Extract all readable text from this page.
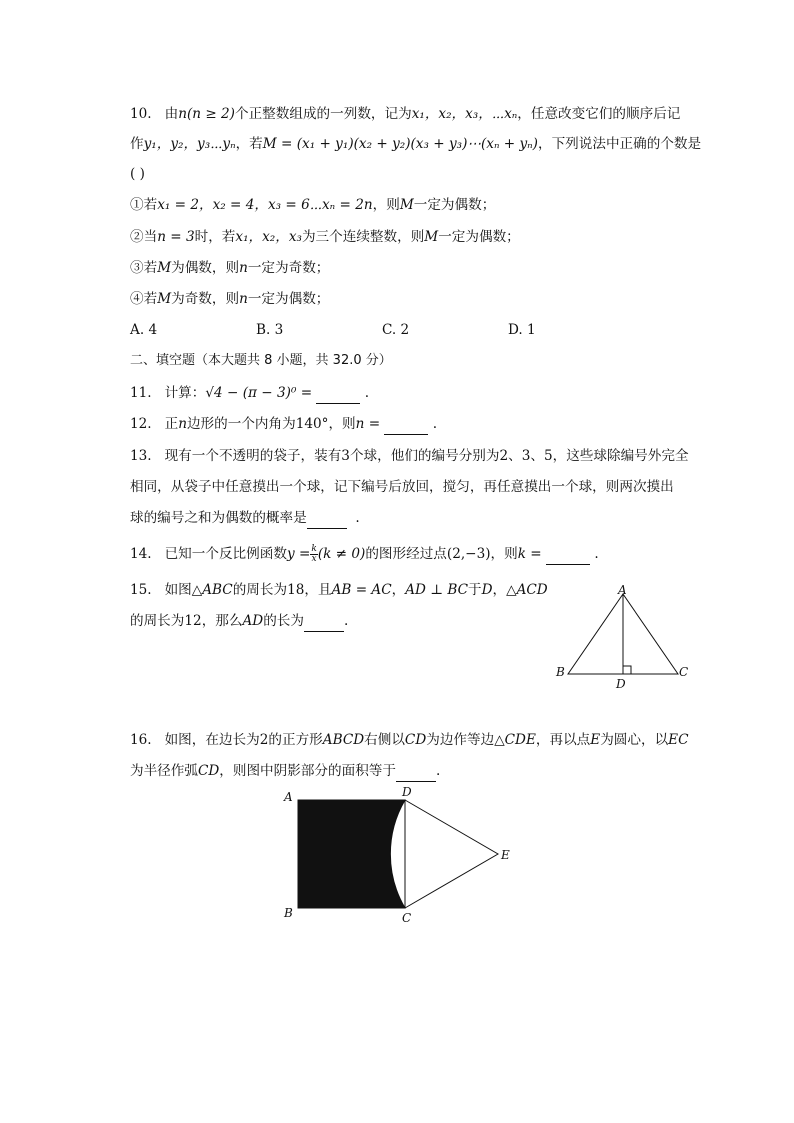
10. 由n(n ≥ 2)个正整数组成的一列数，记为x₁，x₂，x₃，⋯xₙ，任意改变它们的顺序后记
作y₁，y₂，y₃⋯yₙ，若M = (x₁ + y₁)(x₂ + y₂)(x₃ + y₃)⋯(xₙ + yₙ)，下列说法中正确的个数是
( )
①若x₁ = 2，x₂ = 4，x₃ = 6⋯xₙ = 2n，则M一定为偶数；
②当n = 3时，若x₁，x₂，x₃为三个连续整数，则M一定为偶数；
③若M为偶数，则n一定为奇数；
④若M为奇数，则n一定为偶数；
A. 4	B. 3	C. 2	D. 1
二、填空题（本大题共 8 小题，共 32.0 分）
11. 计算：√4 − (π − 3)⁰ =	.
12. 正n边形的一个内角为140°，则n =	.
13. 现有一个不透明的袋子，装有3个球，他们的编号分别为2、3、5，这些球除编号外完全
相同，从袋子中任意摸出一个球，记下编号后放回，搅匀，再任意摸出一个球，则两次摸出
球的编号之和为偶数的概率是	.
14. 已知一个反比例函数$y = \frac{k}{x} (k \ne 0)$的图形经过点(2,−3)，则k =	.
15. 如图△ABC的周长为18，且AB = AC，AD ⊥ BC于D，△ACD
的周长为12，那么AD的长为	.
A
B	C
D
16. 如图，在边长为2的正方形ABCD右侧以CD为边作等边△CDE，再以点E为圆心，以EC
为半径作弧CD，则图中阴影部分的面积等于	.
A
B	C
D
E
